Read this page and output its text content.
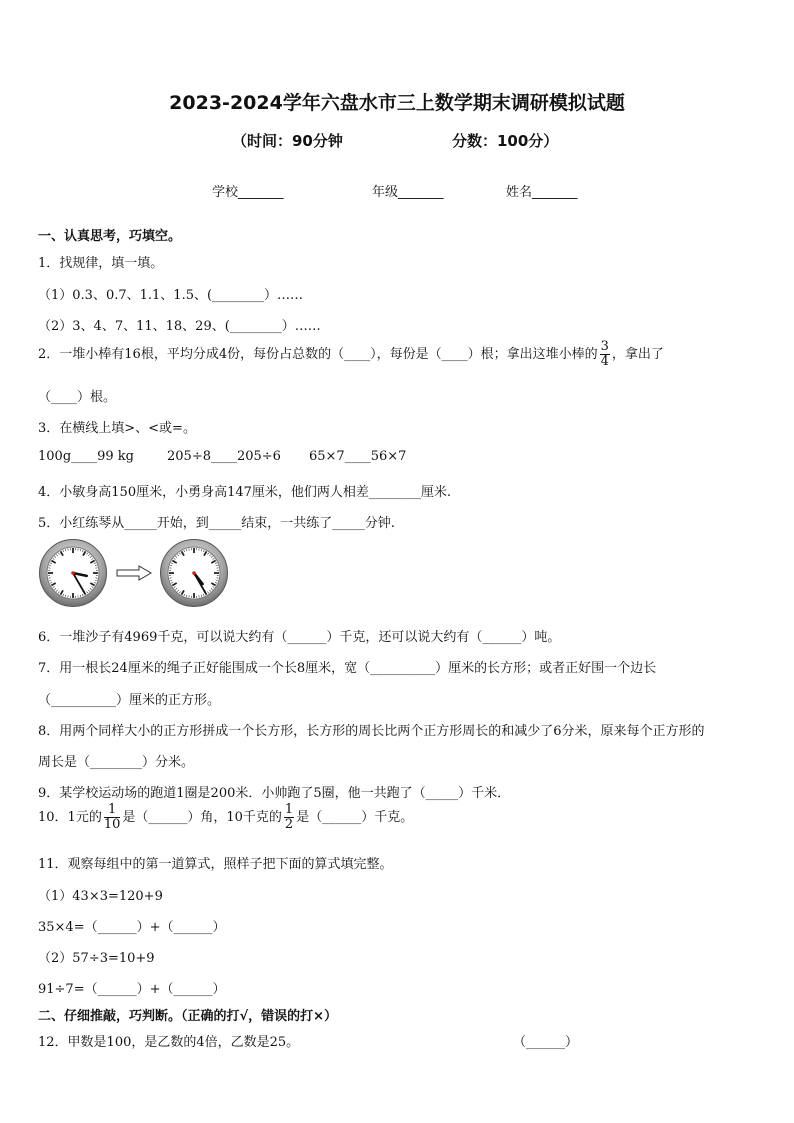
2023-2024学年六盘水市三上数学期末调研模拟试题
（时间：90分钟	分数：100分）
学校_______	年级_______	姓名_______
一、认真思考，巧填空。
1．找规律，填一填。
（1）0.3、0.7、1.1、1.5、(________）……
（2）3、4、7、11、18、29、(________）……
2．一堆小棒有16根，平均分成4份，每份占总数的（____），每份是（____）根；拿出这堆小棒的 $\frac{3}{4}$ ，拿出了
（____）根。
3．在横线上填>、<或=。
100g____99 kg	205÷8____205÷6 65×7____56×7
4．小敏身高150厘米，小勇身高147厘米，他们两人相差________厘米.
5．小红练琴从_____开始，到_____结束，一共练了_____分钟.
6．一堆沙子有4969千克，可以说大约有（______）千克，还可以说大约有（______）吨。
7．用一根长24厘米的绳子正好能围成一个长8厘米，宽（__________）厘米的长方形；或者正好围一个边长
（__________）厘米的正方形。
8．用两个同样大小的正方形拼成一个长方形，长方形的周长比两个正方形周长的和减少了6分米，原来每个正方形的
周长是（________）分米。
9．某学校运动场的跑道1圈是200米．小帅跑了5圈，他一共跑了（_____）千米．
10．1元的 $\frac{1}{10}$ 是（______）角，10千克的 $\frac{1}{2}$ 是（______）千克。
11．观察每组中的第一道算式，照样子把下面的算式填完整。
（1）43×3=120+9
35×4=（______）+（______）
（2）57÷3=10+9
91÷7=（______）+（______）
二、仔细推敲，巧判断。（正确的打√，错误的打×）
12．甲数是100，是乙数的4倍，乙数是25。	（______）
